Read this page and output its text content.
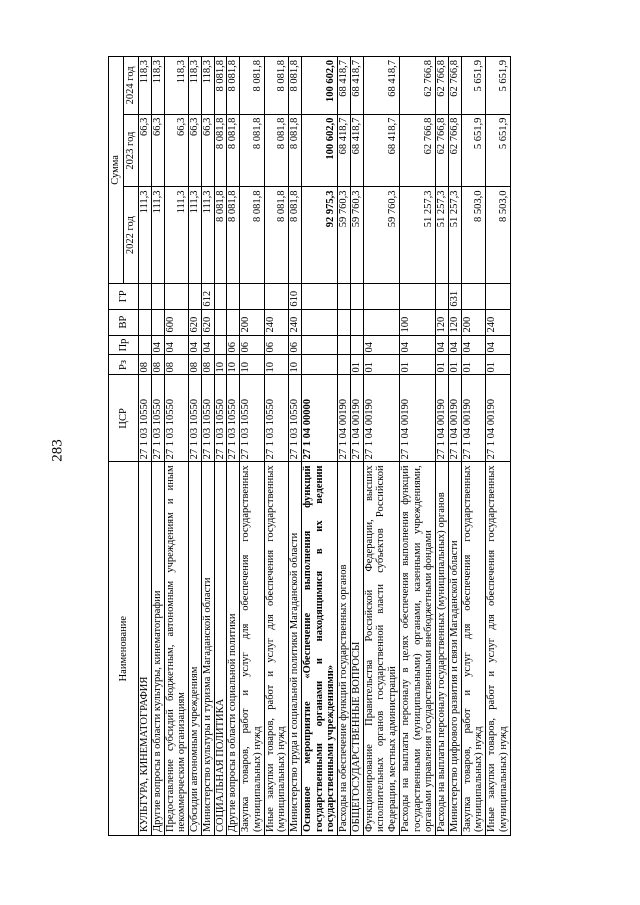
283
Наименование	ЦСР	Рз	Пр	ВР	ГР	Сумма		
						2022 год	2023 год	2024 год
КУЛЬТУРА, КИНЕМАТОГРАФИЯ	27 1 03 10550	08				111,3	66,3	118,3
Другие вопросы в области культуры, кинематографии	27 1 03 10550	08	04			111,3	66,3	118,3
Предоставление субсидий бюджетным, автономным учреждениям и иным некоммерческим организациям	27 1 03 10550	08	04	600		111,3	66,3	118,3
Субсидии автономным учреждениям	27 1 03 10550	08	04	620		111,3	66,3	118,3
Министерство культуры и туризма Магаданской области	27 1 03 10550	08	04	620	612	111,3	66,3	118,3
СОЦИАЛЬНАЯ ПОЛИТИКА	27 1 03 10550	10				8 081,8	8 081,8	8 081,8
Другие вопросы в области социальной политики	27 1 03 10550	10	06			8 081,8	8 081,8	8 081,8
Закупка товаров, работ и услуг для обеспечения государственных (муниципальных) нужд	27 1 03 10550	10	06	200		8 081,8	8 081,8	8 081,8
Иные закупки товаров, работ и услуг для обеспечения государственных (муниципальных) нужд	27 1 03 10550	10	06	240		8 081,8	8 081,8	8 081,8
Министерство труда и социальной политики Магаданской области	27 1 03 10550	10	06	240	610	8 081,8	8 081,8	8 081,8
Основное мероприятие «Обеспечение выполнения функций государственными органами и находящимися в их ведении государственными учреждениями»	27 1 04 00000					92 975,3	100 602,0	100 602,0
Расходы на обеспечение функций государственных органов	27 1 04 00190					59 760,3	68 418,7	68 418,7
ОБЩЕГОСУДАРСТВЕННЫЕ ВОПРОСЫ	27 1 04 00190	01				59 760,3	68 418,7	68 418,7
Функционирование Правительства Российской Федерации, высших исполнительных органов государственной власти субъектов Российской Федерации, местных администраций	27 1 04 00190	01	04			59 760,3	68 418,7	68 418,7
Расходы на выплаты персоналу в целях обеспечения выполнения функций государственными (муниципальными) органами, казенными учреждениями, органами управления государственными внебюджетными фондами	27 1 04 00190	01	04	100		51 257,3	62 766,8	62 766,8
Расходы на выплаты персоналу государственных (муниципальных) органов	27 1 04 00190	01	04	120		51 257,3	62 766,8	62 766,8
Министерство цифрового развития и связи Магаданской области	27 1 04 00190	01	04	120	631	51 257,3	62 766,8	62 766,8
Закупка товаров, работ и услуг для обеспечения государственных (муниципальных) нужд	27 1 04 00190	01	04	200		8 503,0	5 651,9	5 651,9
Иные закупки товаров, работ и услуг для обеспечения государственных (муниципальных) нужд	27 1 04 00190	01	04	240		8 503,0	5 651,9	5 651,9
